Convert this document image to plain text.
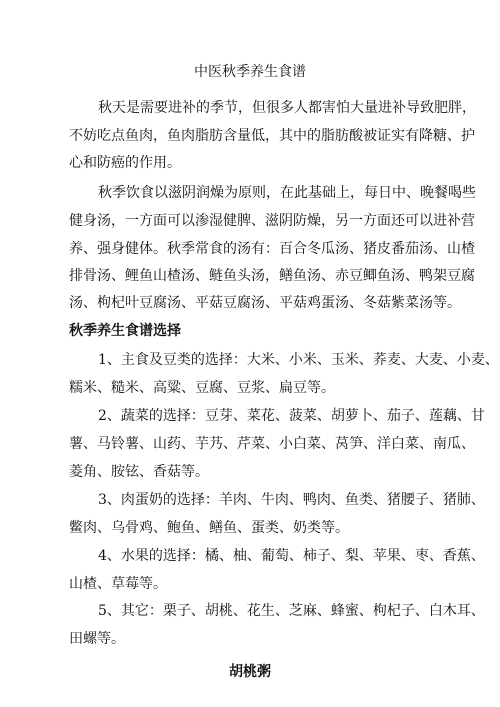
中医秋季养生食谱
秋天是需要进补的季节，但很多人都害怕大量进补导致肥胖，
不妨吃点鱼肉，鱼肉脂肪含量低，其中的脂肪酸被证实有降糖、护
心和防癌的作用。
秋季饮食以滋阴润燥为原则，在此基础上，每日中、晚餐喝些
健身汤，一方面可以渗湿健脾、滋阴防燥，另一方面还可以进补营
养、强身健体。秋季常食的汤有：百合冬瓜汤、猪皮番茄汤、山楂
排骨汤、鲤鱼山楂汤、鲢鱼头汤，鳝鱼汤、赤豆鲫鱼汤、鸭架豆腐
汤、枸杞叶豆腐汤、平菇豆腐汤、平菇鸡蛋汤、冬菇紫菜汤等。
秋季养生食谱选择
1、主食及豆类的选择：大米、小米、玉米、荞麦、大麦、小麦、
糯米、糙米、高粱、豆腐、豆浆、扁豆等。
2、蔬菜的选择：豆芽、菜花、菠菜、胡萝卜、茄子、莲藕、甘
薯、马铃薯、山药、芋艿、芹菜、小白菜、莴笋、洋白菜、南瓜、
菱角、胺铉、香菇等。
3、肉蛋奶的选择：羊肉、牛肉、鸭肉、鱼类、猪腰子、猪肺、
鳖肉、乌骨鸡、鲍鱼、鳝鱼、蛋类、奶类等。
4、水果的选择：橘、柚、葡萄、柿子、梨、苹果、枣、香蕉、
山楂、草莓等。
5、其它：栗子、胡桃、花生、芝麻、蜂蜜、枸杞子、白木耳、
田螺等。
胡桃粥
